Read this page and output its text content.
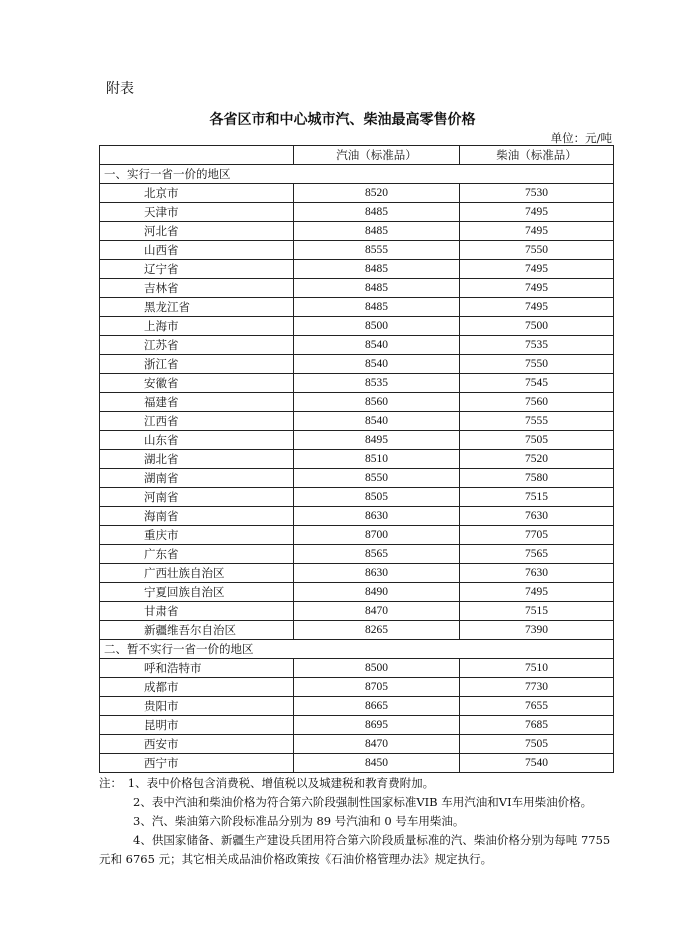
附表
各省区市和中心城市汽、柴油最高零售价格
单位：元/吨
	汽油（标准品）	柴油（标准品）
一、实行一省一价的地区		
北京市	8520	7530
天津市	8485	7495
河北省	8485	7495
山西省	8555	7550
辽宁省	8485	7495
吉林省	8485	7495
黑龙江省	8485	7495
上海市	8500	7500
江苏省	8540	7535
浙江省	8540	7550
安徽省	8535	7545
福建省	8560	7560
江西省	8540	7555
山东省	8495	7505
湖北省	8510	7520
湖南省	8550	7580
河南省	8505	7515
海南省	8630	7630
重庆市	8700	7705
广东省	8565	7565
广西壮族自治区	8630	7630
宁夏回族自治区	8490	7495
甘肃省	8470	7515
新疆维吾尔自治区	8265	7390
二、暂不实行一省一价的地区		
呼和浩特市	8500	7510
成都市	8705	7730
贵阳市	8665	7655
昆明市	8695	7685
西安市	8470	7505
西宁市	8450	7540

注：　1、表中价格包含消费税、增值税以及城建税和教育费附加。

2、表中汽油和柴油价格为符合第六阶段强制性国家标准VIB 车用汽油和VI车用柴油价格。

3、汽、柴油第六阶段标准品分别为 89 号汽油和 0 号车用柴油。

4、供国家储备、新疆生产建设兵团用符合第六阶段质量标准的汽、柴油价格分别为每吨 7755 元和 6765 元；其它相关成品油价格政策按《石油价格管理办法》规定执行。
